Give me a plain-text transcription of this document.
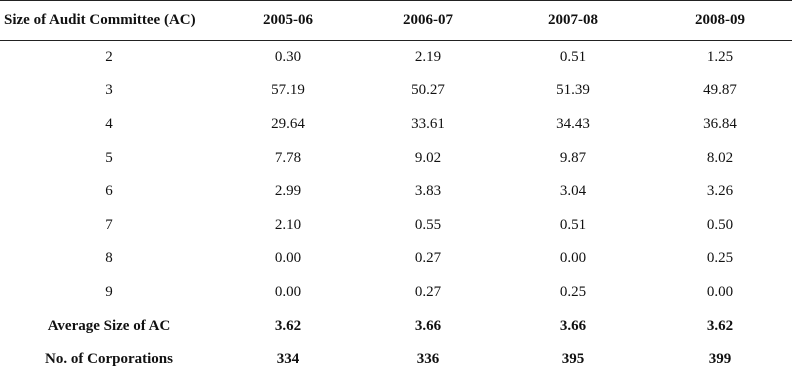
Size of Audit Committee (AC)	2005-06	2006-07	2007-08	2008-09
2	0.30	2.19	0.51	1.25
3	57.19	50.27	51.39	49.87
4	29.64	33.61	34.43	36.84
5	7.78	9.02	9.87	8.02
6	2.99	3.83	3.04	3.26
7	2.10	0.55	0.51	0.50
8	0.00	0.27	0.00	0.25
9	0.00	0.27	0.25	0.00
Average Size of AC	3.62	3.66	3.66	3.62
No. of Corporations	334	336	395	399
